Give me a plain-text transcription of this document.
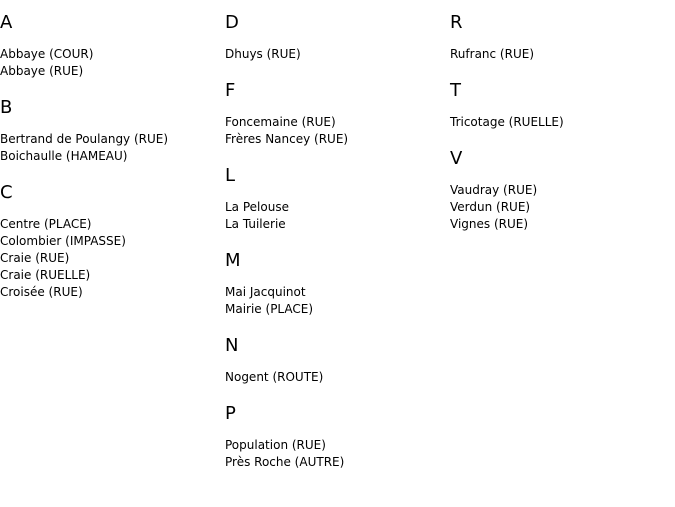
A
Abbaye (COUR)
Abbaye (RUE)
B
Bertrand de Poulangy (RUE)
Boichaulle (HAMEAU)
C
Centre (PLACE)
Colombier (IMPASSE)
Craie (RUE)
Craie (RUELLE)
Croisée (RUE)
D
Dhuys (RUE)
F
Foncemaine (RUE)
Frères Nancey (RUE)
L
La Pelouse
La Tuilerie
M
Mai Jacquinot
Mairie (PLACE)
N
Nogent (ROUTE)
P
Population (RUE)
Près Roche (AUTRE)
R
Rufranc (RUE)
T
Tricotage (RUELLE)
V
Vaudray (RUE)
Verdun (RUE)
Vignes (RUE)
